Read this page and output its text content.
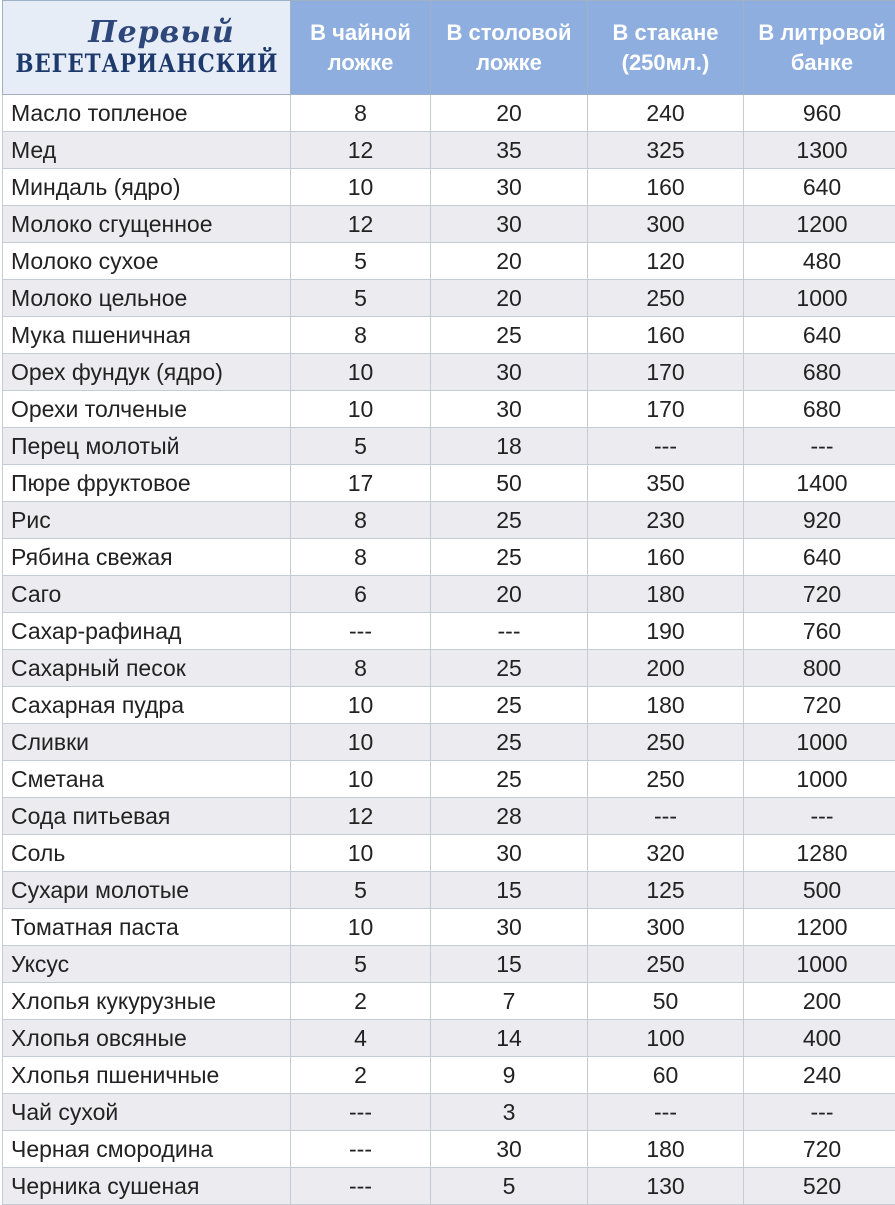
Первый
ВЕГЕТАРИАНСКИЙ	В чайной ложке	В столовой ложке	В стакане (250мл.)	В литровой банке
Масло топленое	8	20	240	960
Мед	12	35	325	1300
Миндаль (ядро)	10	30	160	640
Молоко сгущенное	12	30	300	1200
Молоко сухое	5	20	120	480
Молоко цельное	5	20	250	1000
Мука пшеничная	8	25	160	640
Орех фундук (ядро)	10	30	170	680
Орехи толченые	10	30	170	680
Перец молотый	5	18	---	---
Пюре фруктовое	17	50	350	1400
Рис	8	25	230	920
Рябина свежая	8	25	160	640
Саго	6	20	180	720
Сахар-рафинад	---	---	190	760
Сахарный песок	8	25	200	800
Сахарная пудра	10	25	180	720
Сливки	10	25	250	1000
Сметана	10	25	250	1000
Сода питьевая	12	28	---	---
Соль	10	30	320	1280
Сухари молотые	5	15	125	500
Томатная паста	10	30	300	1200
Уксус	5	15	250	1000
Хлопья кукурузные	2	7	50	200
Хлопья овсяные	4	14	100	400
Хлопья пшеничные	2	9	60	240
Чай сухой	---	3	---	---
Черная смородина	---	30	180	720
Черника сушеная	---	5	130	520
